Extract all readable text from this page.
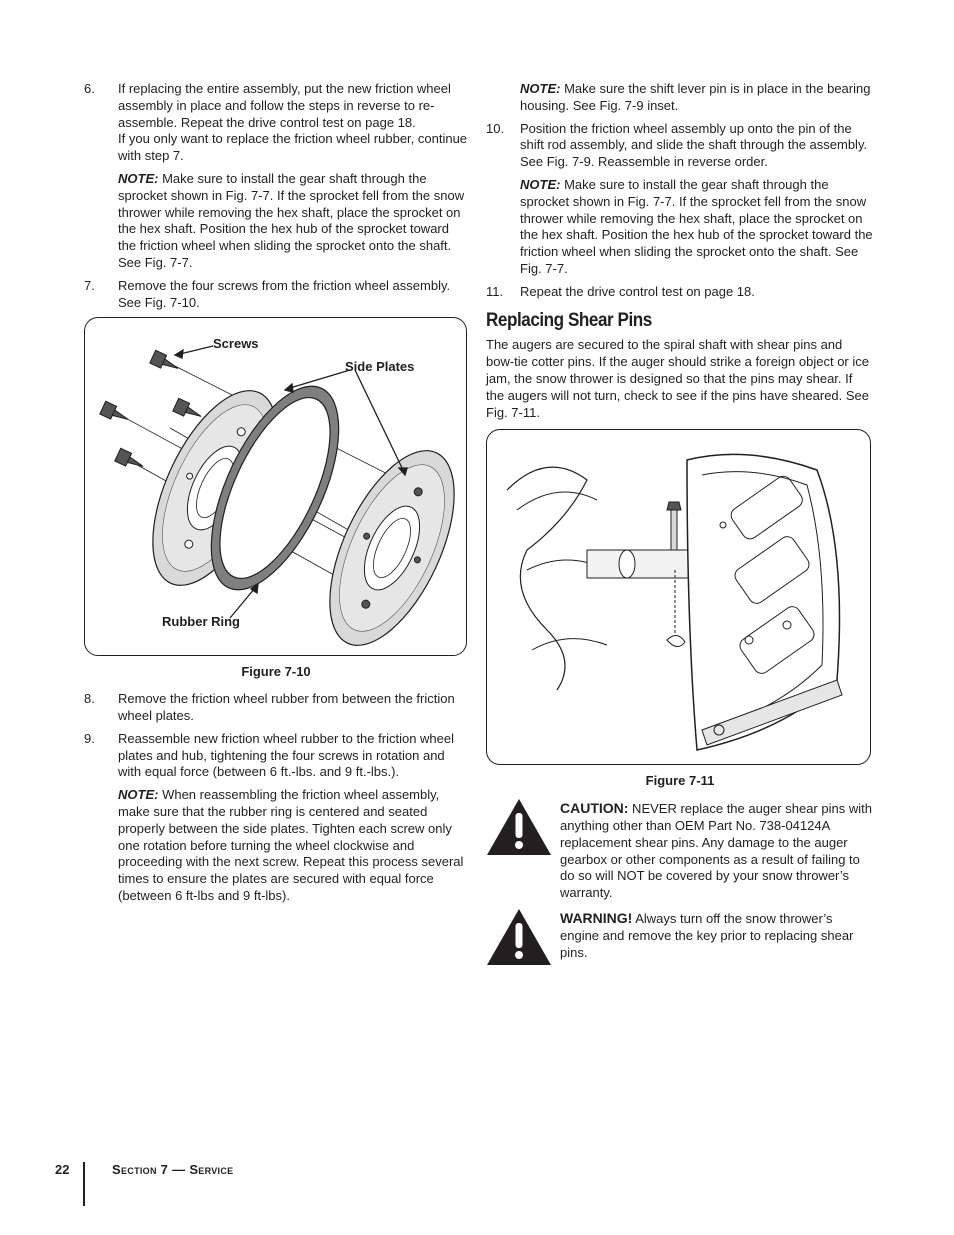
6.	If replacing the entire assembly, put the new friction wheel assembly in place and follow the steps in reverse to re-assemble. Repeat the drive control test on page 18.
If you only want to replace the friction wheel rubber, continue with step 7.
NOTE: Make sure to install the gear shaft through the sprocket shown in Fig. 7-7. If the sprocket fell from the snow thrower while removing the hex shaft, place the sprocket on the hex shaft. Position the hex hub of the sprocket toward the friction wheel when sliding the sprocket onto the shaft. See Fig. 7-7.
7.	Remove the four screws from the friction wheel assembly. See Fig. 7-10.
Screws
Side Plates
Rubber Ring
Figure 7-10
8.	Remove the friction wheel rubber from between the friction wheel plates.
9.	Reassemble new friction wheel rubber to the friction wheel plates and hub, tightening the four screws in rotation and with equal force (between 6 ft.-lbs. and 9 ft.-lbs.).
NOTE: When reassembling the friction wheel assembly, make sure that the rubber ring is centered and seated properly between the side plates. Tighten each screw only one rotation before turning the wheel clockwise and proceeding with the next screw. Repeat this process several times to ensure the plates are secured with equal force (between 6 ft-lbs and 9 ft-lbs).
NOTE: Make sure the shift lever pin is in place in the bearing housing. See Fig. 7-9 inset.
10.	Position the friction wheel assembly up onto the pin of the shift rod assembly, and slide the shaft through the assembly. See Fig. 7-9. Reassemble in reverse order.
NOTE: Make sure to install the gear shaft through the sprocket shown in Fig. 7-7. If the sprocket fell from the snow thrower while removing the hex shaft, place the sprocket on the hex shaft. Position the hex hub of the sprocket toward the friction wheel when sliding the sprocket onto the shaft. See Fig. 7-7.
11.	Repeat the drive control test on page 18.
Replacing Shear Pins
The augers are secured to the spiral shaft with shear pins and bow-tie cotter pins. If the auger should strike a foreign object or ice jam, the snow thrower is designed so that the pins may shear. If the augers will not turn, check to see if the pins have sheared. See Fig. 7-11.
Figure 7-11
CAUTION: NEVER replace the auger shear pins with anything other than OEM Part No. 738-04124A replacement shear pins. Any damage to the auger gearbox or other components as a result of failing to do so will NOT be covered by your snow thrower’s warranty.
WARNING! Always turn off the snow thrower’s engine and remove the key prior to replacing shear pins.
22	Section 7 — Service
